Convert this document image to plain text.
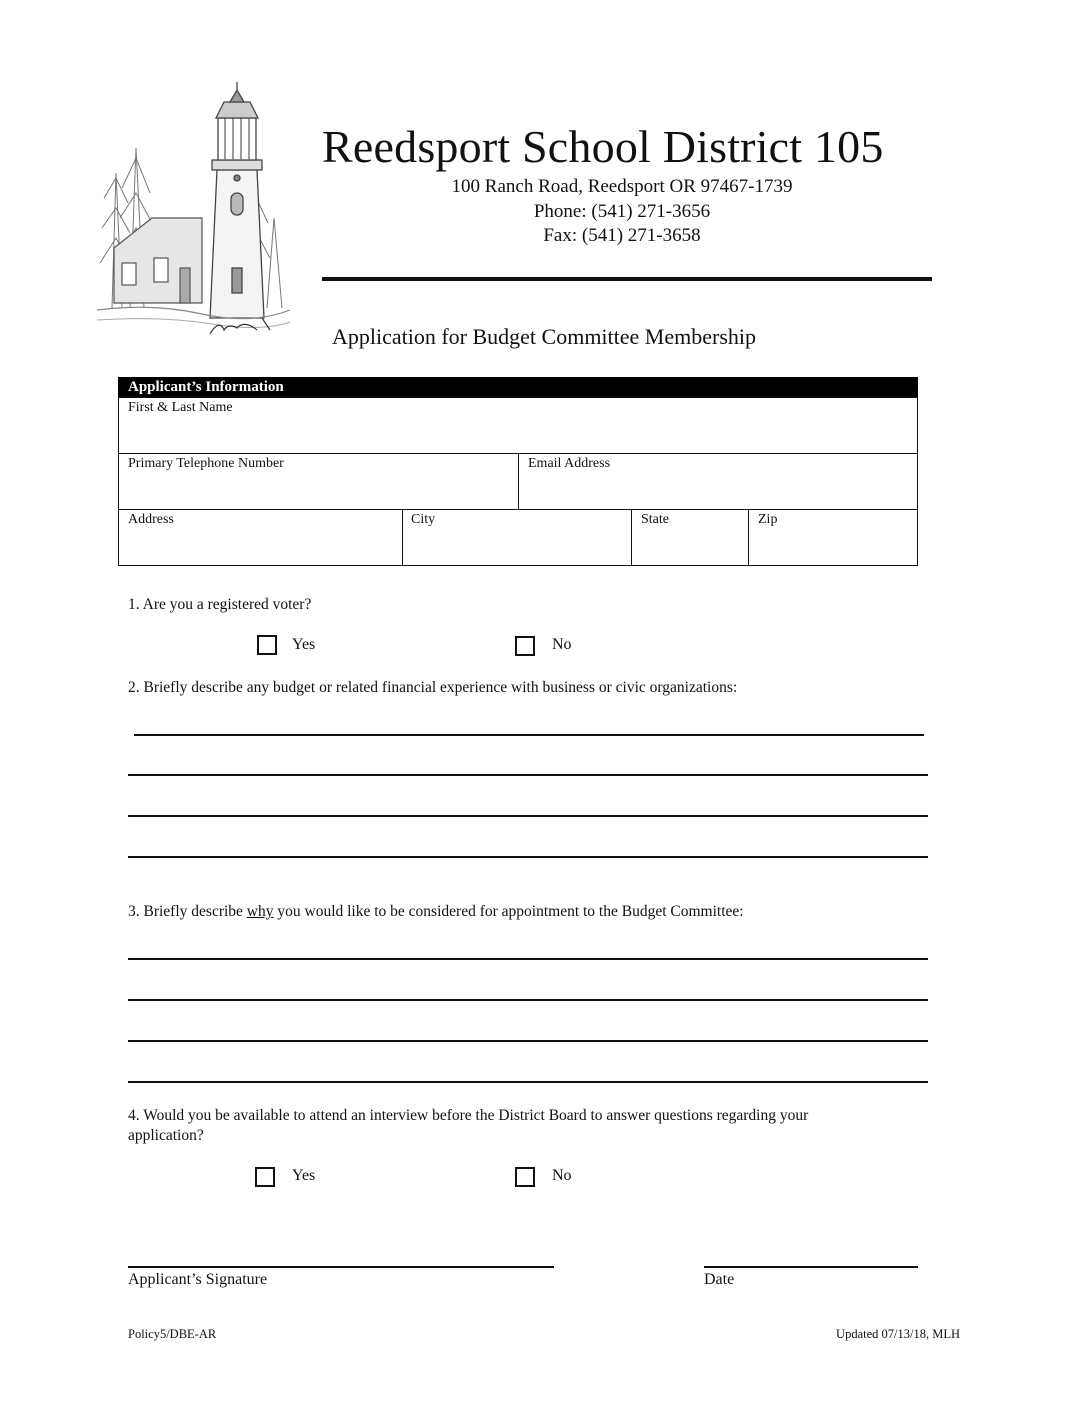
Reedsport School District 105
100 Ranch Road, Reedsport OR 97467-1739
Phone: (541) 271-3656
Fax: (541) 271-3658
Application for Budget Committee Membership
Applicant’s Information
First & Last Name
Primary Telephone Number	Email Address
Address	City	State	Zip
1. Are you a registered voter?
Yes	No
2. Briefly describe any budget or related financial experience with business or civic organizations:
3. Briefly describe why you would like to be considered for appointment to the Budget Committee:
4. Would you be available to attend an interview before the District Board to answer questions regarding your
application?
Yes	No
Applicant’s Signature	Date
Policy5/DBE-AR	Updated 07/13/18, MLH
